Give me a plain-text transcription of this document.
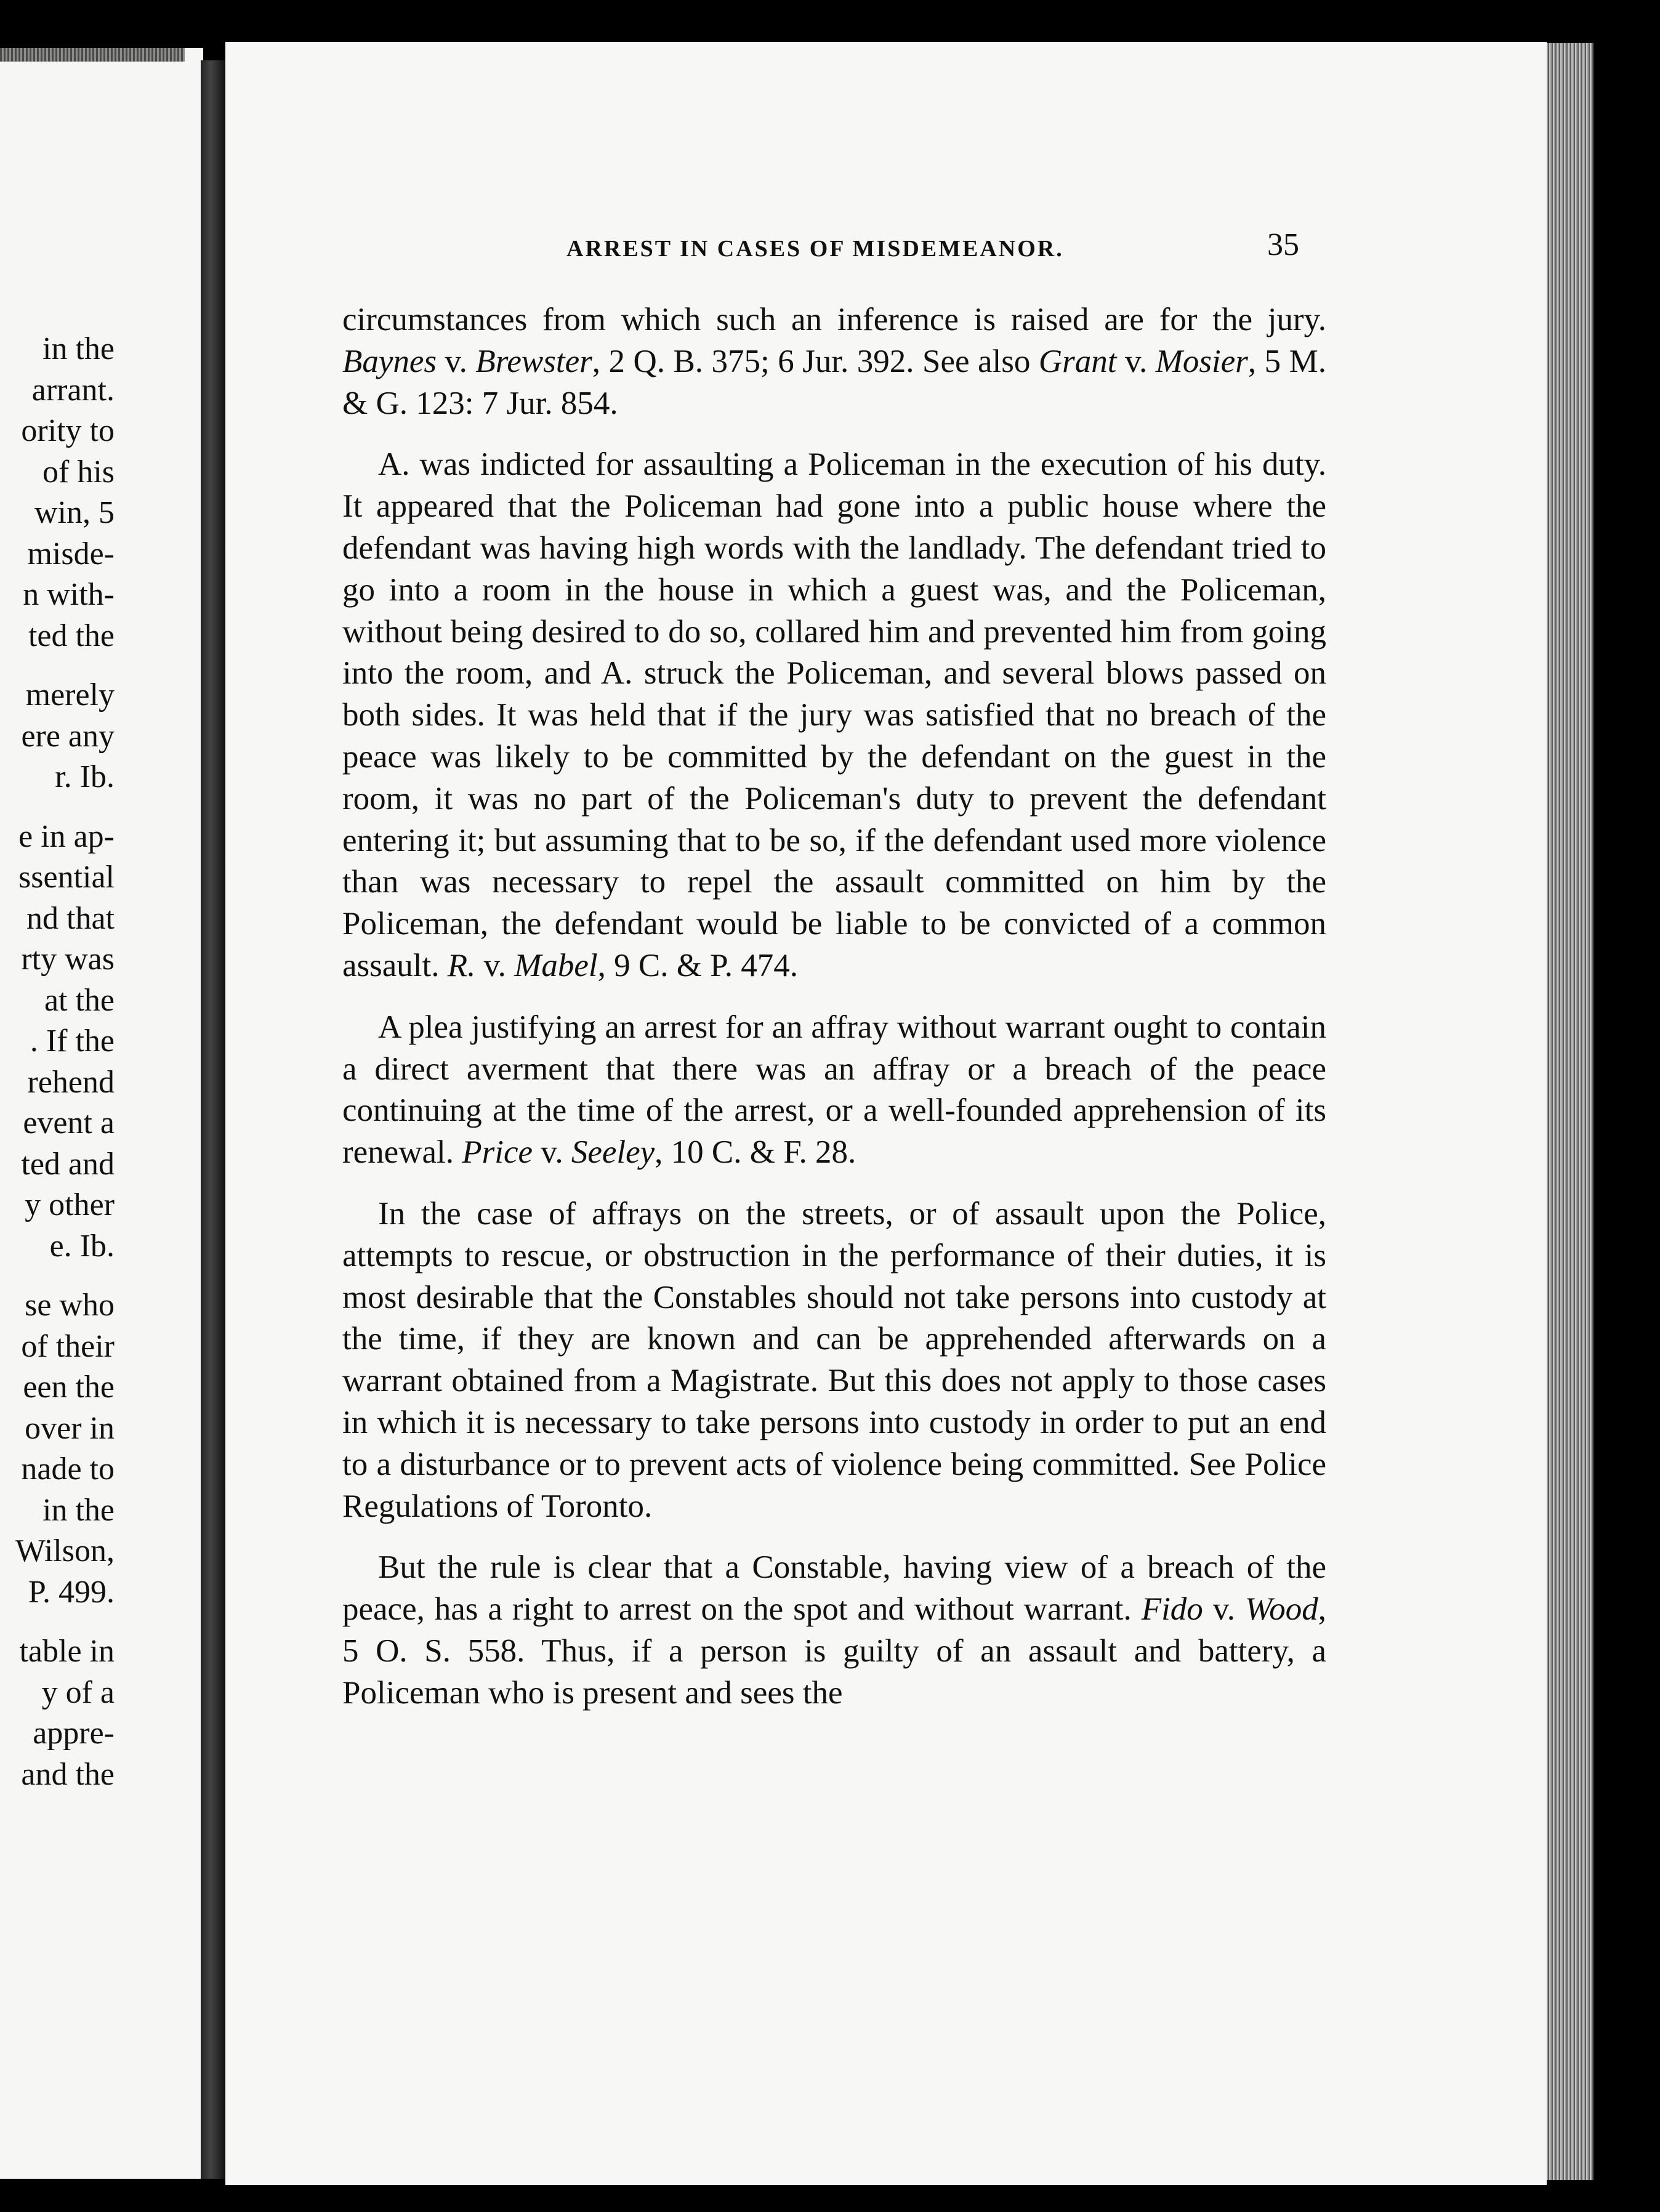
in the
arrant.
ority to
of his
win, 5
misde-
n with-
ted the
merely
ere any
r. Ib.
e in ap-
ssential
nd that
rty was
at the
. If the
rehend
event a
ted and
y other
e. Ib.
se who
of their
een the
over in
nade to
in the
Wilson,
P. 499.
table in
y of a
appre-
and the
ARREST IN CASES OF MISDEMEANOR.	35

circumstances from which such an inference is raised are for the jury. Baynes v. Brewster, 2 Q. B. 375; 6 Jur. 392. See also Grant v. Mosier, 5 M. & G. 123: 7 Jur. 854.

A. was indicted for assaulting a Policeman in the execution of his duty. It appeared that the Policeman had gone into a public house where the defendant was having high words with the landlady. The defendant tried to go into a room in the house in which a guest was, and the Policeman, without being desired to do so, collared him and prevented him from going into the room, and A. struck the Policeman, and several blows passed on both sides. It was held that if the jury was satisfied that no breach of the peace was likely to be committed by the defendant on the guest in the room, it was no part of the Policeman's duty to prevent the defendant entering it; but assuming that to be so, if the defendant used more violence than was necessary to repel the assault committed on him by the Policeman, the defendant would be liable to be convicted of a common assault. R. v. Mabel, 9 C. & P. 474.

A plea justifying an arrest for an affray without warrant ought to contain a direct averment that there was an affray or a breach of the peace continuing at the time of the arrest, or a well-founded apprehension of its renewal. Price v. Seeley, 10 C. & F. 28.

In the case of affrays on the streets, or of assault upon the Police, attempts to rescue, or obstruction in the performance of their duties, it is most desirable that the Constables should not take persons into custody at the time, if they are known and can be apprehended afterwards on a warrant obtained from a Magistrate. But this does not apply to those cases in which it is necessary to take persons into custody in order to put an end to a disturbance or to prevent acts of violence being committed. See Police Regulations of Toronto.

But the rule is clear that a Constable, having view of a breach of the peace, has a right to arrest on the spot and without warrant. Fido v. Wood, 5 O. S. 558. Thus, if a person is guilty of an assault and battery, a Policeman who is present and sees the
